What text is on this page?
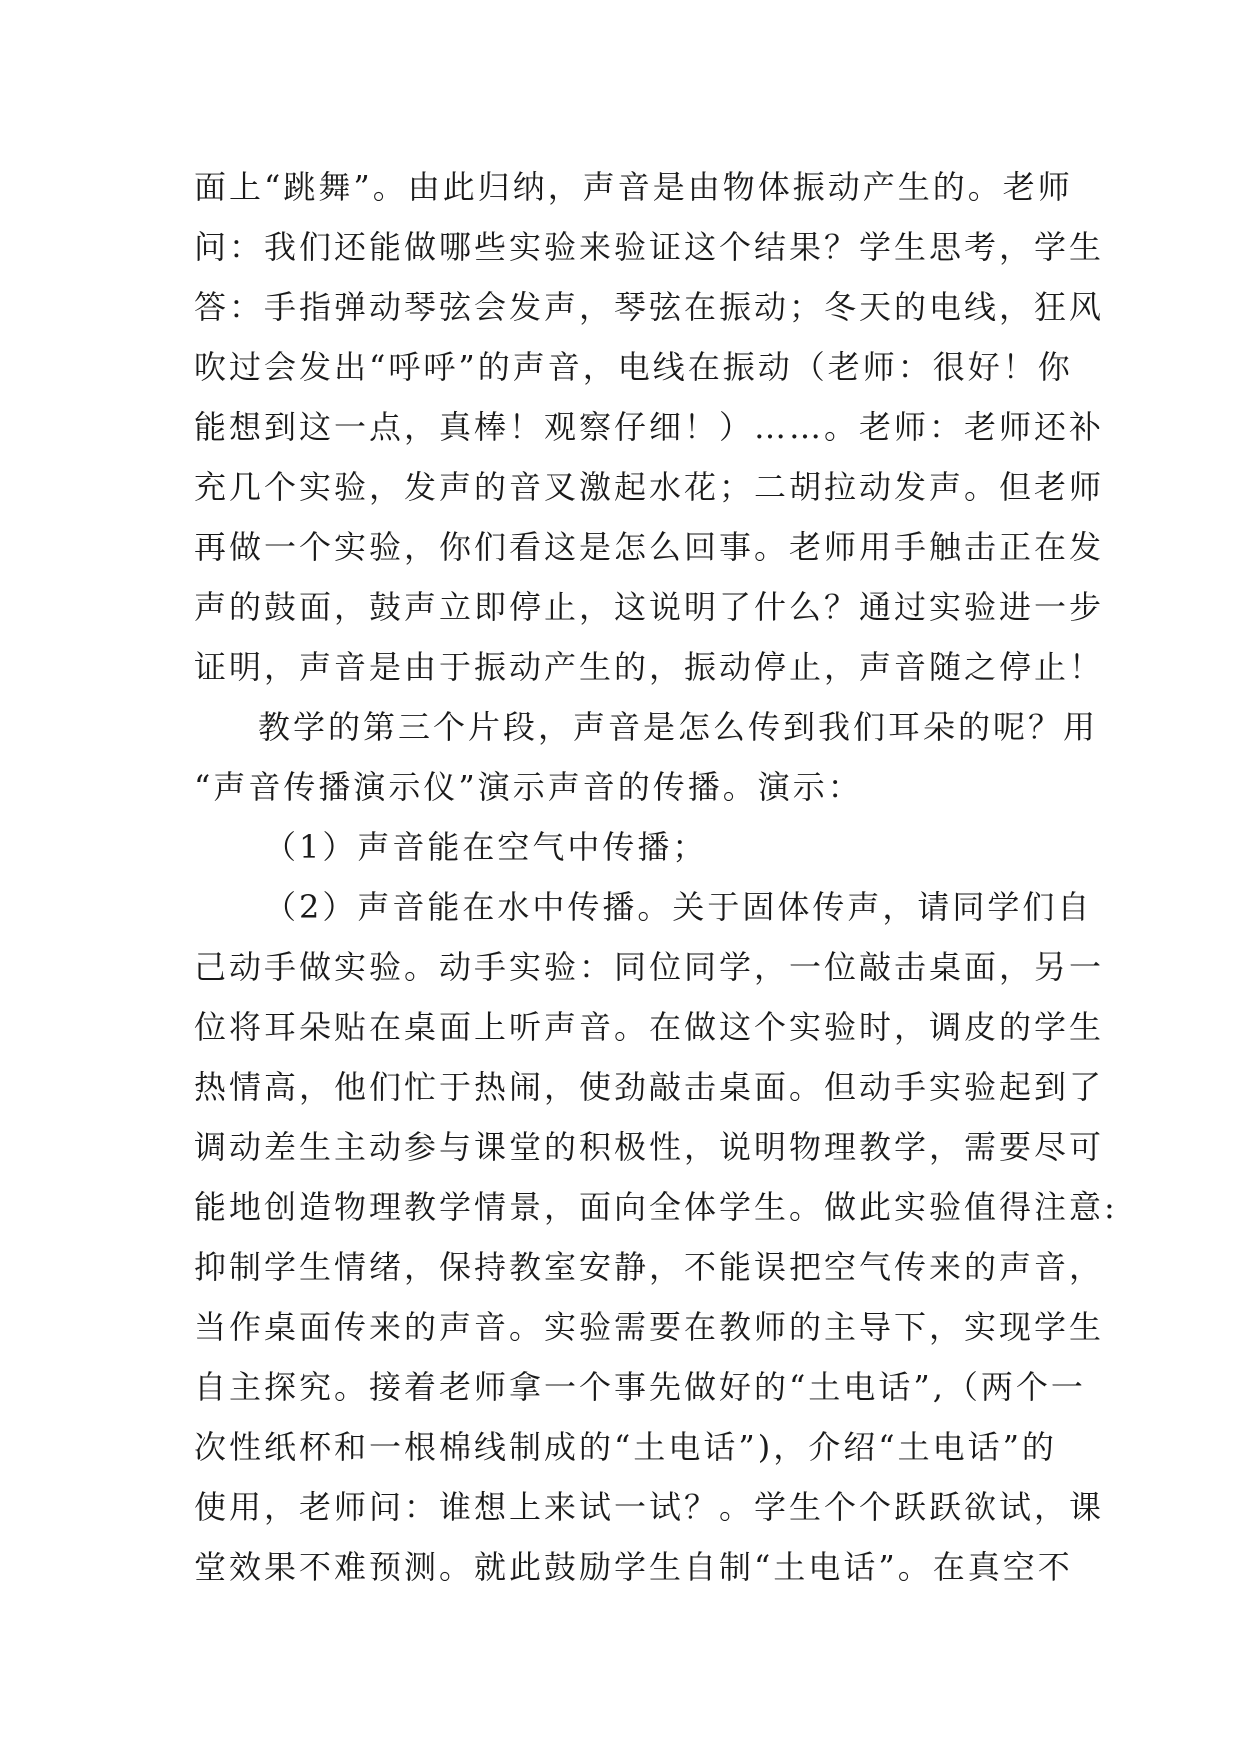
面上“跳舞”。由此归纳，声音是由物体振动产生的。老师
问：我们还能做哪些实验来验证这个结果？学生思考，学生
答：手指弹动琴弦会发声，琴弦在振动；冬天的电线，狂风
吹过会发出“呼呼”的声音，电线在振动（老师：很好！你
能想到这一点，真棒！观察仔细！）……。老师：老师还补
充几个实验，发声的音叉激起水花；二胡拉动发声。但老师
再做一个实验，你们看这是怎么回事。老师用手触击正在发
声的鼓面，鼓声立即停止，这说明了什么？通过实验进一步
证明，声音是由于振动产生的，振动停止，声音随之停止！
教学的第三个片段，声音是怎么传到我们耳朵的呢？用
“声音传播演示仪”演示声音的传播。演示：
（1）声音能在空气中传播；
（2）声音能在水中传播。关于固体传声，请同学们自
己动手做实验。动手实验：同位同学，一位敲击桌面，另一
位将耳朵贴在桌面上听声音。在做这个实验时，调皮的学生
热情高，他们忙于热闹，使劲敲击桌面。但动手实验起到了
调动差生主动参与课堂的积极性，说明物理教学，需要尽可
能地创造物理教学情景，面向全体学生。做此实验值得注意:
抑制学生情绪，保持教室安静，不能误把空气传来的声音，
当作桌面传来的声音。实验需要在教师的主导下，实现学生
自主探究。接着老师拿一个事先做好的“土电话”,（两个一
次性纸杯和一根棉线制成的“土电话”)，介绍“土电话”的
使用，老师问：谁想上来试一试？。学生个个跃跃欲试，课
堂效果不难预测。就此鼓励学生自制“土电话”。在真空不
